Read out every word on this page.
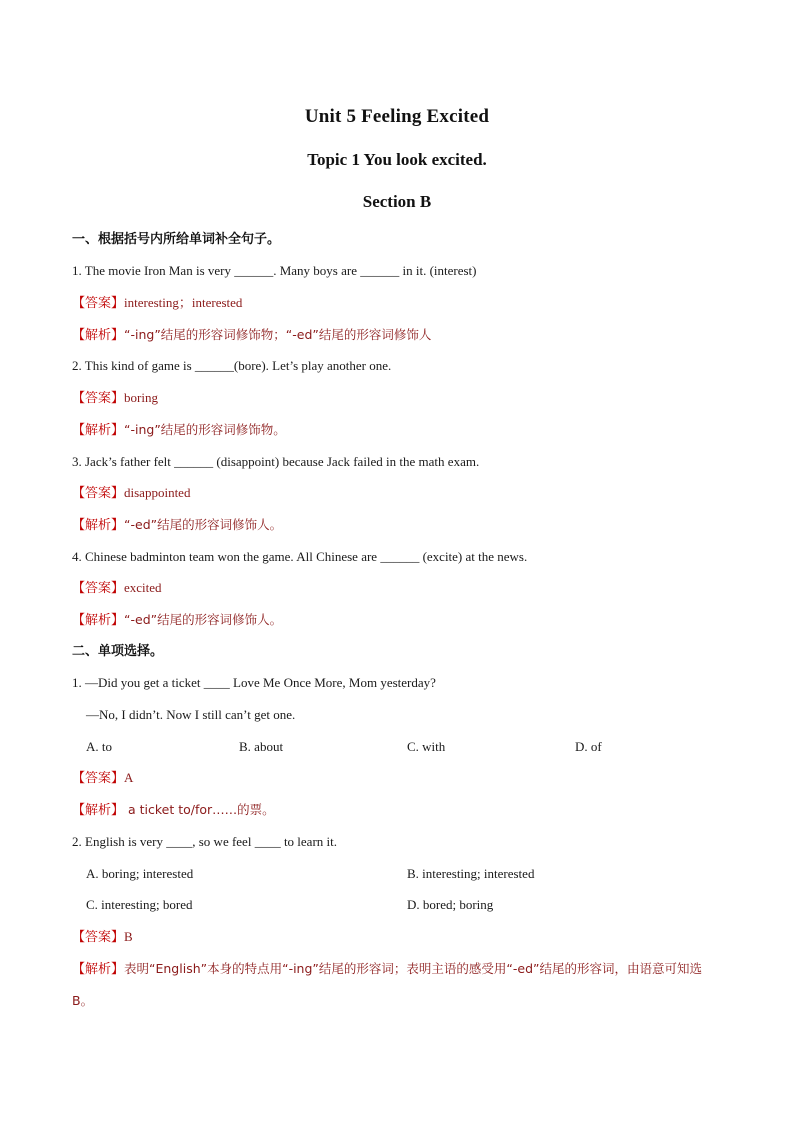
Unit 5 Feeling Excited
Topic 1 You look excited.
Section B
一、根据括号内所给单词补全句子。
1. The movie Iron Man is very ______. Many boys are ______ in it. (interest)
【答案】interesting；interested
【解析】“-ing”结尾的形容词修饰物；“-ed”结尾的形容词修饰人
2. This kind of game is ______(bore). Let’s play another one.
【答案】boring
【解析】“-ing”结尾的形容词修饰物。
3. Jack’s father felt ______ (disappoint) because Jack failed in the math exam.
【答案】disappointed
【解析】“-ed”结尾的形容词修饰人。
4. Chinese badminton team won the game. All Chinese are ______ (excite) at the news.
【答案】excited
【解析】“-ed”结尾的形容词修饰人。
二、单项选择。
1. —Did you get a ticket ____ Love Me Once More, Mom yesterday?
—No, I didn’t. Now I still can’t get one.
A. to	B. about	C. with	D. of
【答案】A
【解析】 a ticket to/for……的票。
2. English is very ____, so we feel ____ to learn it.
A. boring; interested	B. interesting; interested
C. interesting; bored	D. bored; boring
【答案】B
【解析】表明“English”本身的特点用“-ing”结尾的形容词；表明主语的感受用“-ed”结尾的形容词，由语意可知选 B。
